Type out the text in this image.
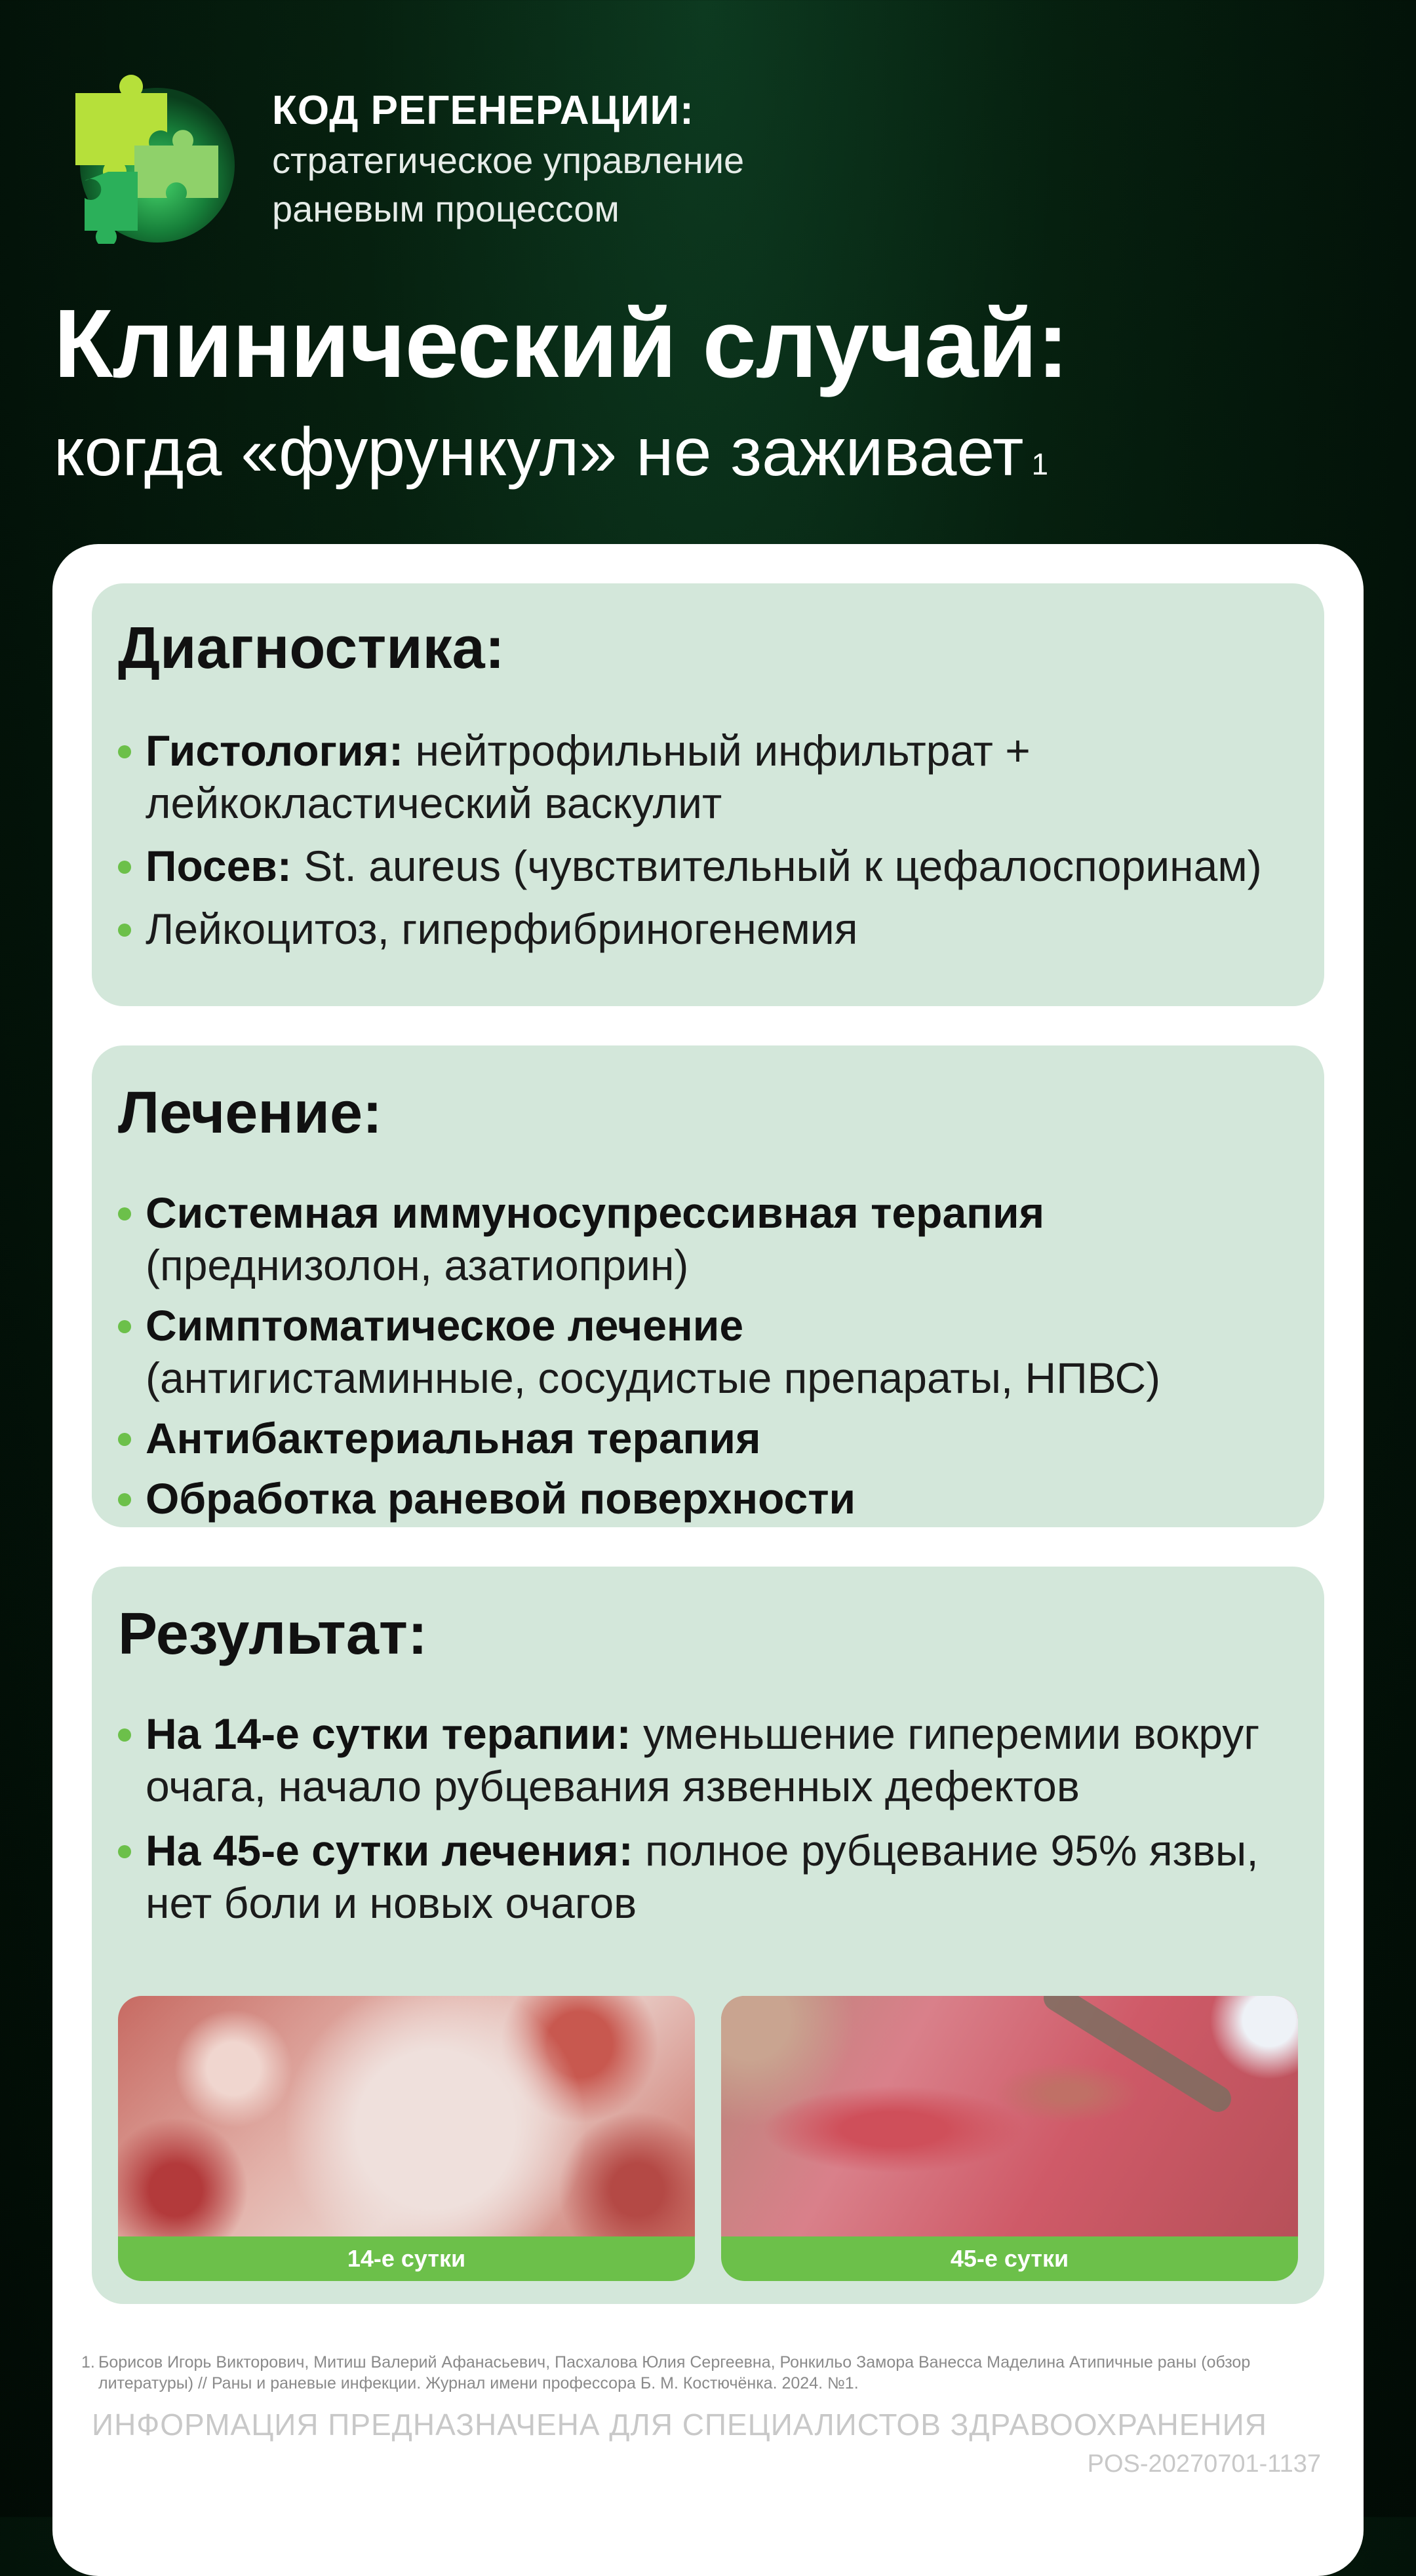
КОД РЕГЕНЕРАЦИИ:
стратегическое управление
раневым процессом
Клинический случай:
когда «фурункул» не заживает $^1$
Диагностика:
Гистология: нейтрофильный инфильтрат + лейкокластический васкулит
Посев: St. aureus (чувствительный к цефалоспоринам)
Лейкоцитоз, гиперфибриногенемия
Лечение:
Системная иммуносупрессивная терапия
(преднизолон, азатиоприн)
Симптоматическое лечение
(антигистаминные, сосудистые препараты, НПВС)
Антибактериальная терапия
Обработка раневой поверхности
Результат:
На 14-е сутки терапии: уменьшение гиперемии вокруг очага, начало рубцевания язвенных дефектов
На 45-е сутки лечения: полное рубцевание 95% язвы, нет боли и новых очагов
14-е сутки	45-е сутки
1. Борисов Игорь Викторович, Митиш Валерий Афанасьевич, Пасхалова Юлия Сергеевна, Ронкильо Замора Ванесса Маделина Атипичные раны (обзор литературы) // Раны и раневые инфекции. Журнал имени профессора Б. М. Костючёнка. 2024. №1.
ИНФОРМАЦИЯ ПРЕДНАЗНАЧЕНА ДЛЯ СПЕЦИАЛИСТОВ ЗДРАВООХРАНЕНИЯ
POS-20270701-1137
